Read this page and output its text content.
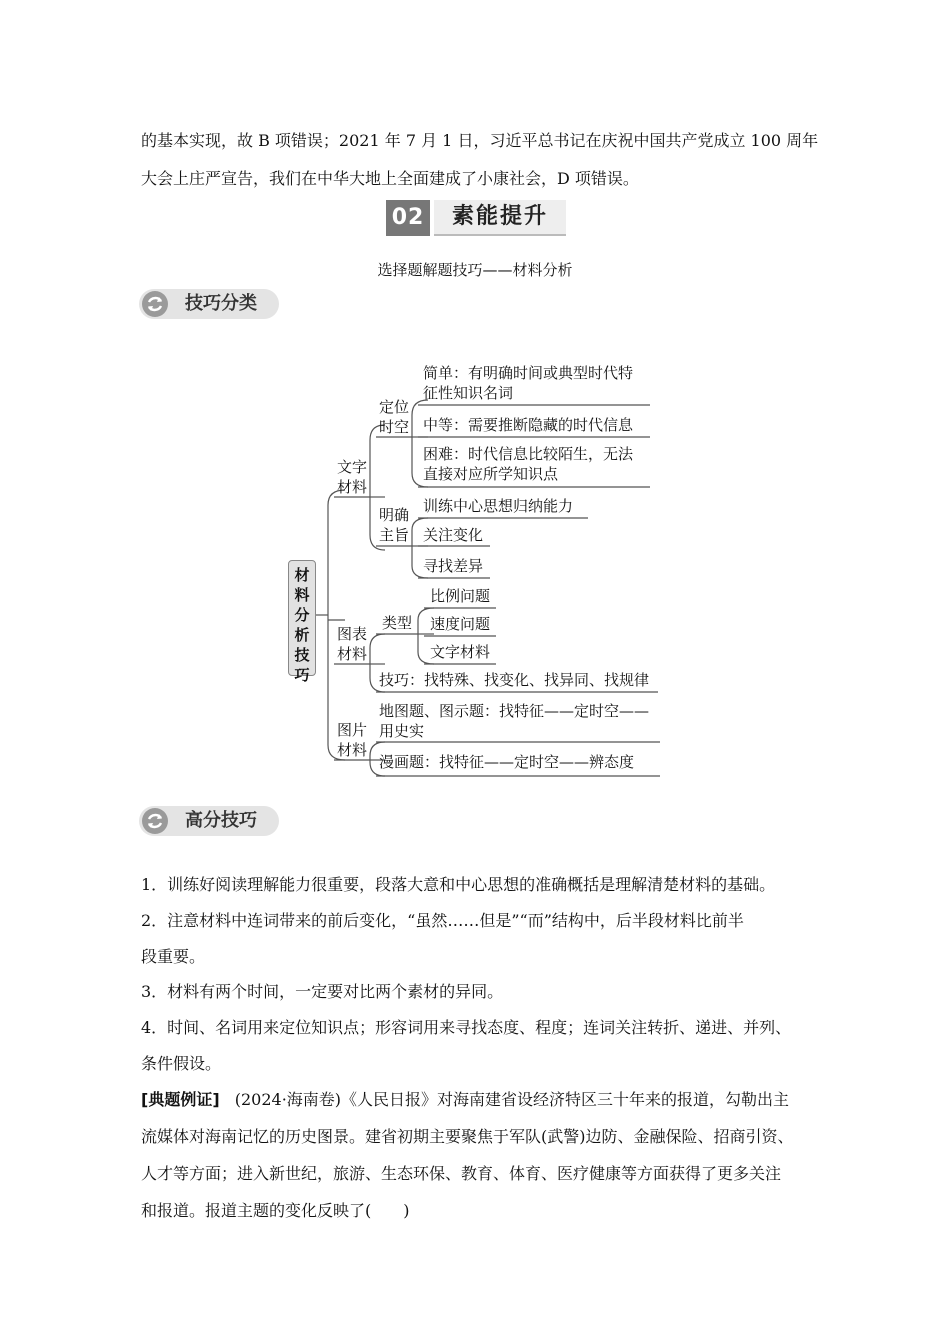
的基本实现，故 B 项错误；2021 年 7 月 1 日，习近平总书记在庆祝中国共产党成立 100 周年
大会上庄严宣告，我们在中华大地上全面建成了小康社会，D 项错误。
02	素能提升
选择题解题技巧——材料分析
技巧分类
材
料
分
析
技
巧
文字
材料
图表
材料
图片
材料
定位
时空
明确
主旨
类型
技巧：找特殊、找变化、找异同、找规律
地图题、图示题：找特征——定时空——
用史实
漫画题：找特征——定时空——辨态度
简单：有明确时间或典型时代特
征性知识名词
中等：需要推断隐藏的时代信息
困难：时代信息比较陌生，无法
直接对应所学知识点
训练中心思想归纳能力
关注变化
寻找差异
比例问题
速度问题
文字材料
高分技巧
1．训练好阅读理解能力很重要，段落大意和中心思想的准确概括是理解清楚材料的基础。
2．注意材料中连词带来的前后变化，“虽然……但是”“而”结构中，后半段材料比前半
段重要。
3．材料有两个时间，一定要对比两个素材的异同。
4．时间、名词用来定位知识点；形容词用来寻找态度、程度；连词关注转折、递进、并列、
条件假设。
[典题例证] (2024·海南卷)《人民日报》对海南建省设经济特区三十年来的报道，勾勒出主
流媒体对海南记忆的历史图景。建省初期主要聚焦于军队(武警)边防、金融保险、招商引资、
人才等方面；进入新世纪，旅游、生态环保、教育、体育、医疗健康等方面获得了更多关注
和报道。报道主题的变化反映了(　　)
